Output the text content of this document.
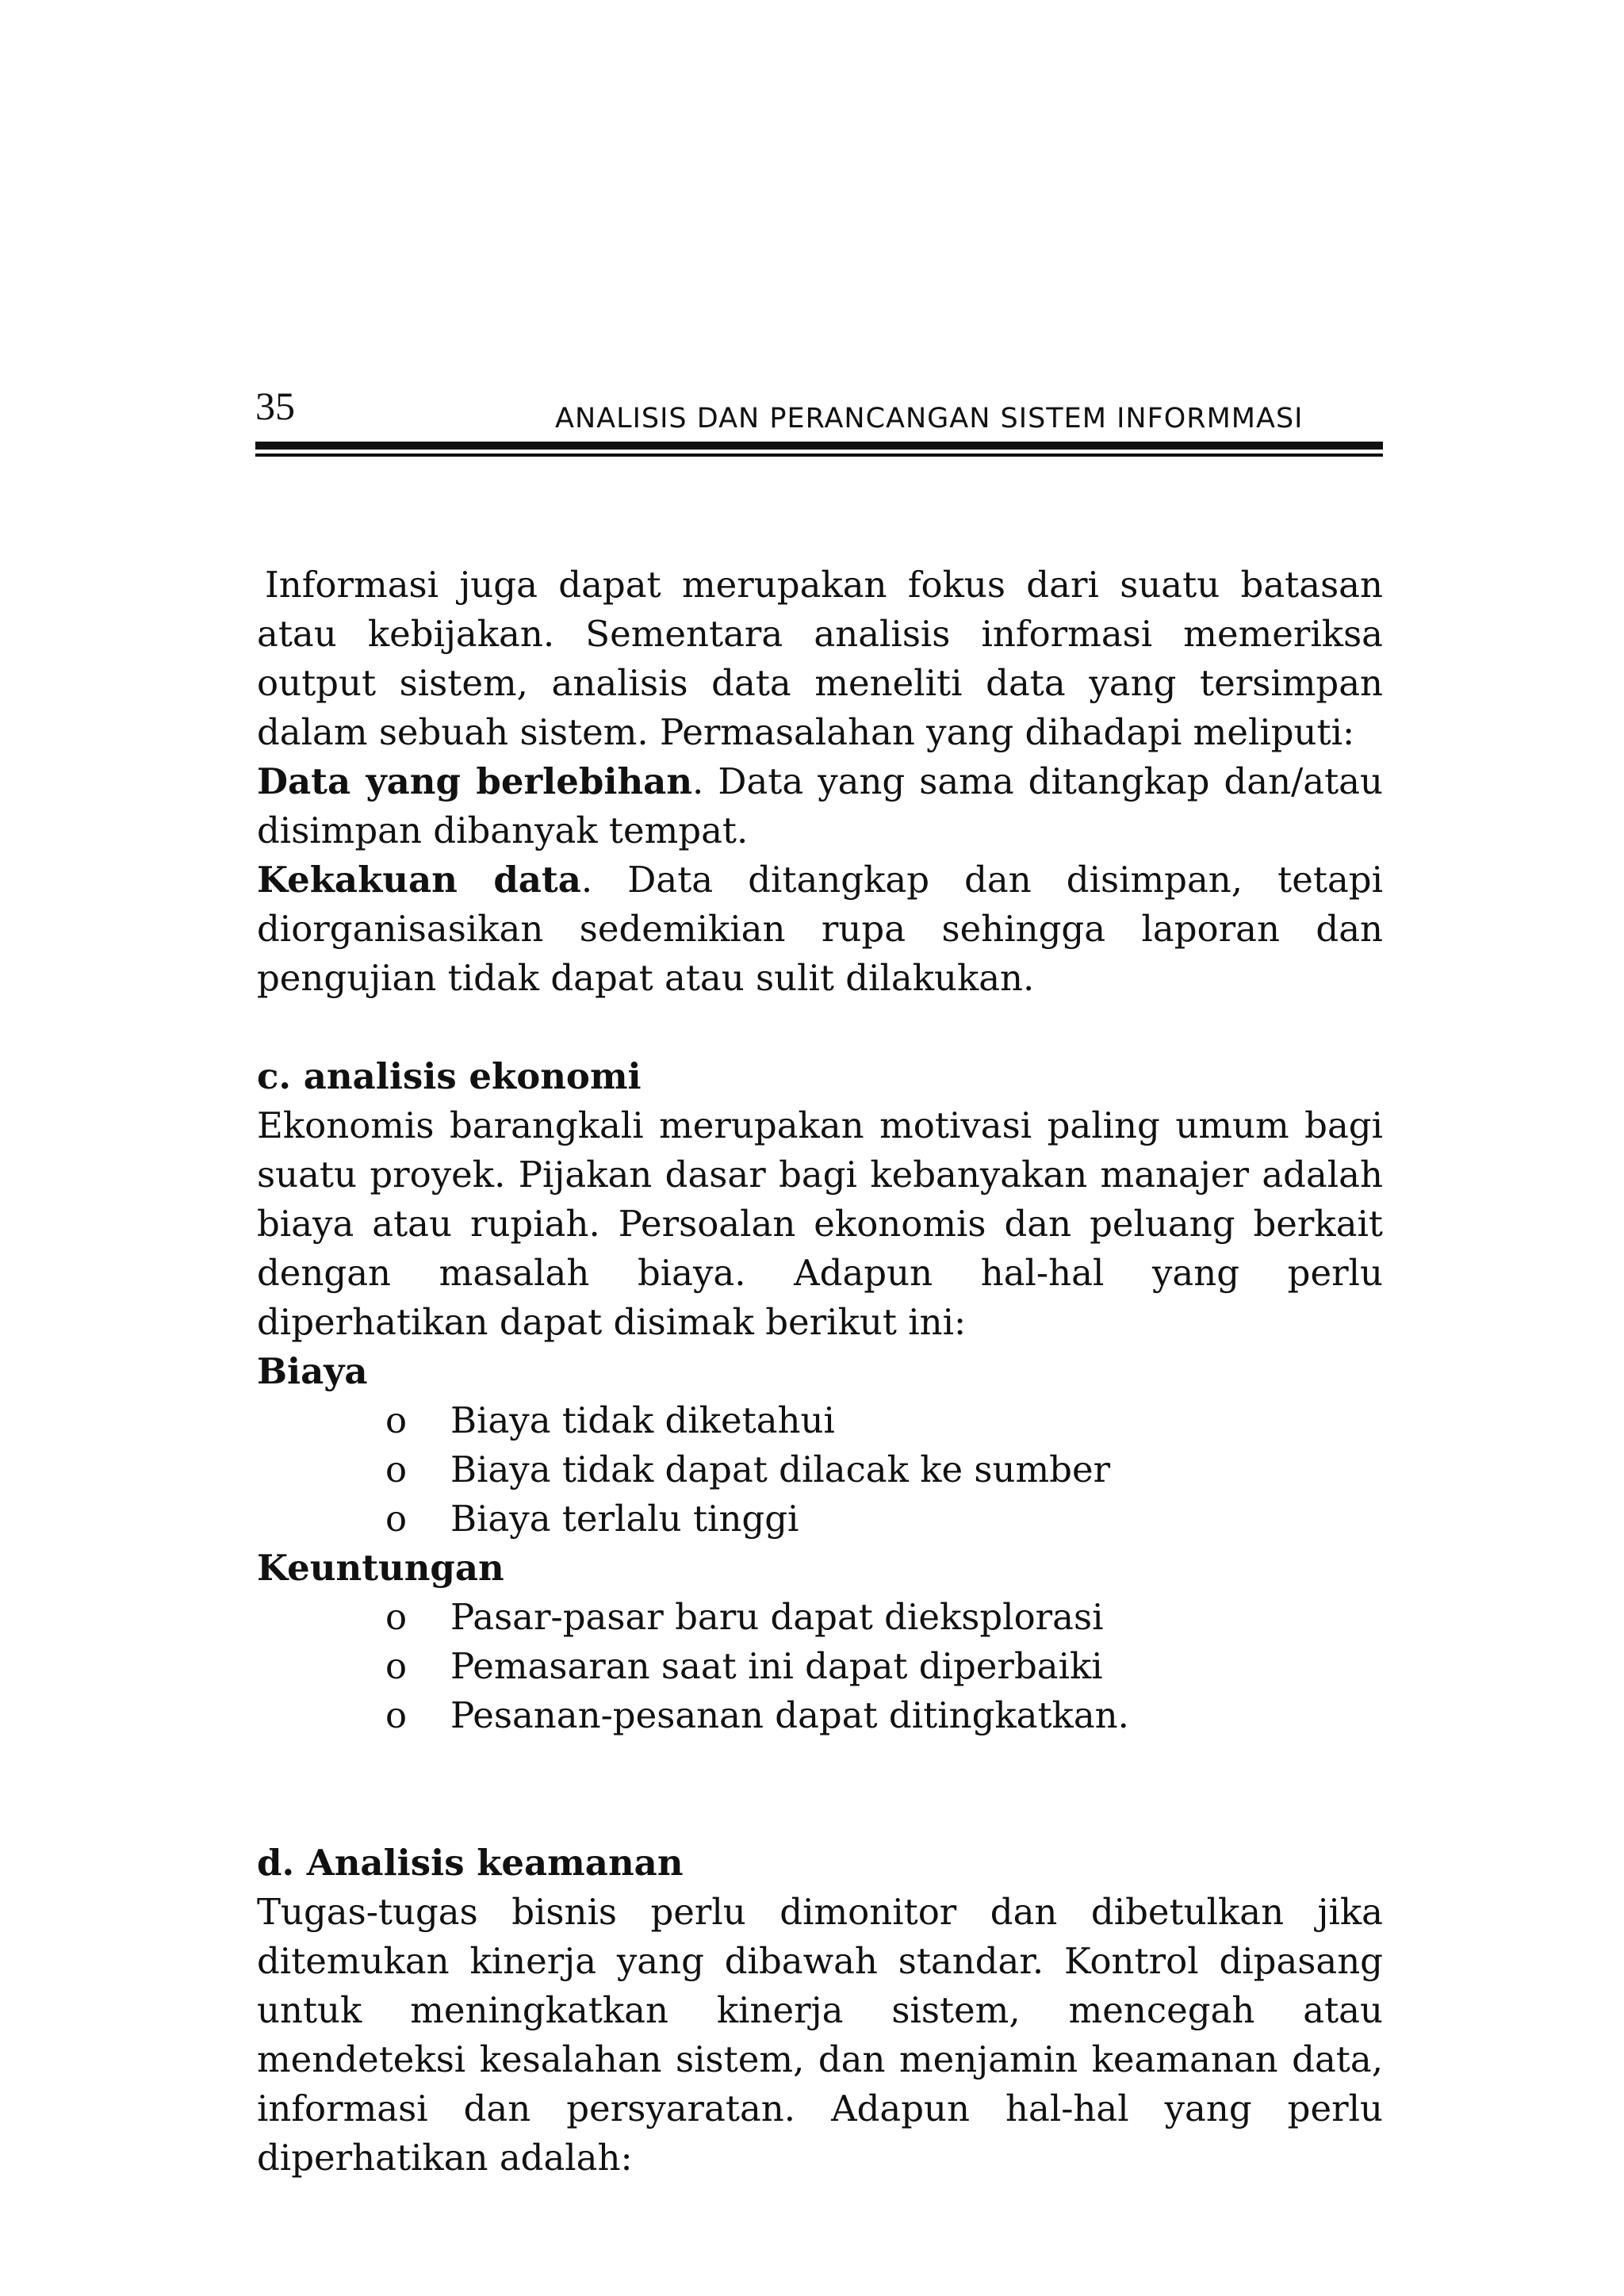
35	ANALISIS DAN PERANCANGAN SISTEM INFORMMASI

Informasi juga dapat merupakan fokus dari suatu batasan atau kebijakan. Sementara analisis informasi memeriksa output sistem, analisis data meneliti data yang tersimpan dalam sebuah sistem. Permasalahan yang dihadapi meliputi:

Data yang berlebihan. Data yang sama ditangkap dan/atau disimpan dibanyak tempat.

Kekakuan data. Data ditangkap dan disimpan, tetapi diorganisasikan sedemikian rupa sehingga laporan dan pengujian tidak dapat atau sulit dilakukan.

c. analisis ekonomi

Ekonomis barangkali merupakan motivasi paling umum bagi suatu proyek. Pijakan dasar bagi kebanyakan manajer adalah biaya atau rupiah. Persoalan ekonomis dan peluang berkait dengan masalah biaya. Adapun hal-hal yang perlu diperhatikan dapat disimak berikut ini:

Biaya

o Biaya tidak diketahui
o Biaya tidak dapat dilacak ke sumber
o Biaya terlalu tinggi

Keuntungan

o Pasar-pasar baru dapat dieksplorasi
o Pemasaran saat ini dapat diperbaiki
o Pesanan-pesanan dapat ditingkatkan.

d. Analisis keamanan

Tugas-tugas bisnis perlu dimonitor dan dibetulkan jika ditemukan kinerja yang dibawah standar. Kontrol dipasang untuk meningkatkan kinerja sistem, mencegah atau mendeteksi kesalahan sistem, dan menjamin keamanan data, informasi dan persyaratan. Adapun hal-hal yang perlu diperhatikan adalah:
